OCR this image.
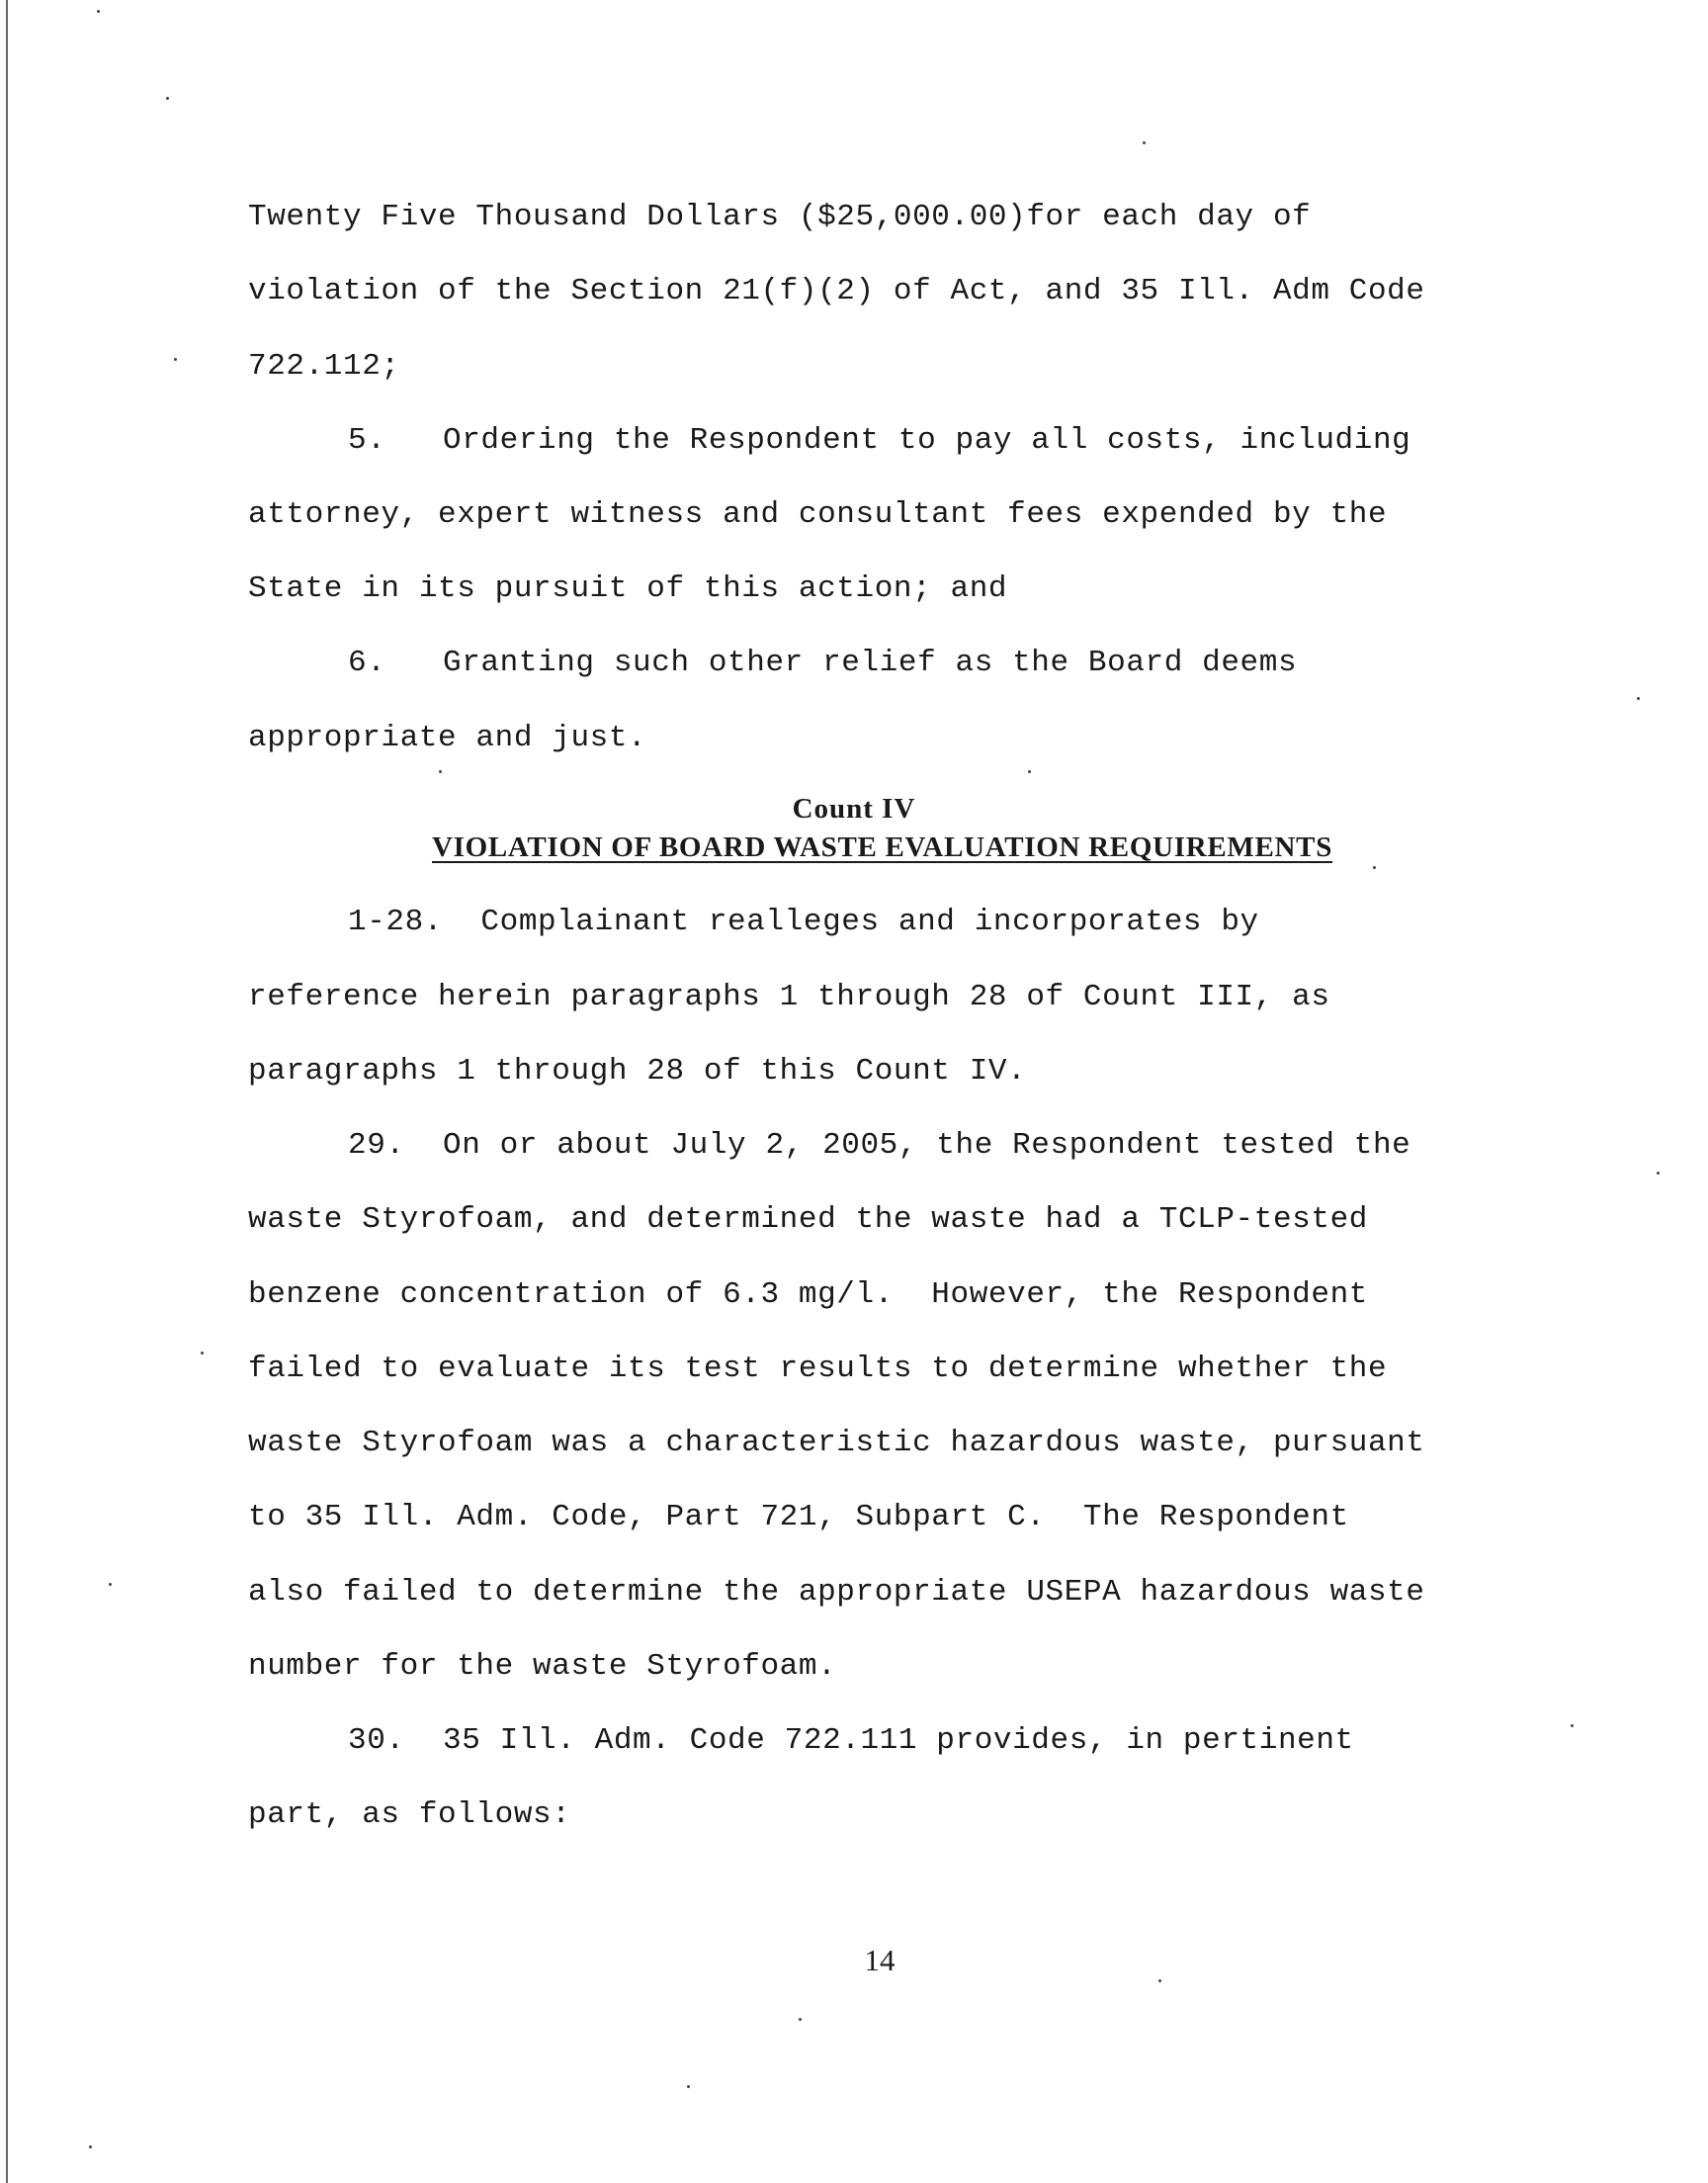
Twenty Five Thousand Dollars ($25,000.00)for each day of

violation of the Section 21(f)(2) of Act, and 35 Ill. Adm Code

722.112;

5.   Ordering the Respondent to pay all costs, including

attorney, expert witness and consultant fees expended by the

State in its pursuit of this action; and

6.   Granting such other relief as the Board deems

appropriate and just.

Count IV
VIOLATION OF BOARD WASTE EVALUATION REQUIREMENTS

1-28.  Complainant realleges and incorporates by

reference herein paragraphs 1 through 28 of Count III, as

paragraphs 1 through 28 of this Count IV.

29.  On or about July 2, 2005, the Respondent tested the

waste Styrofoam, and determined the waste had a TCLP-tested

benzene concentration of 6.3 mg/l.  However, the Respondent

failed to evaluate its test results to determine whether the

waste Styrofoam was a characteristic hazardous waste, pursuant

to 35 Ill. Adm. Code, Part 721, Subpart C.  The Respondent

also failed to determine the appropriate USEPA hazardous waste

number for the waste Styrofoam.

30.  35 Ill. Adm. Code 722.111 provides, in pertinent

part, as follows:

14
